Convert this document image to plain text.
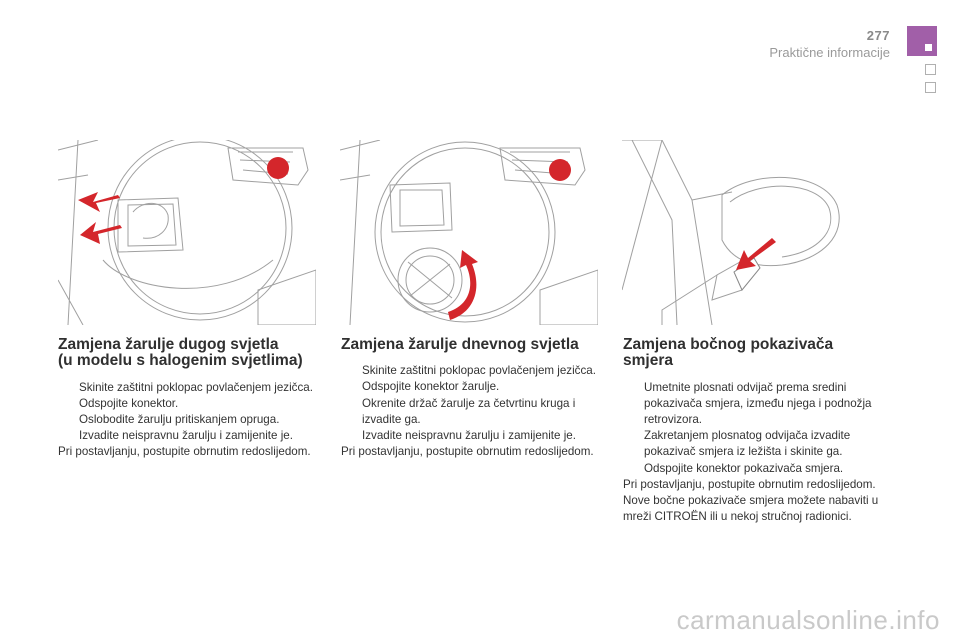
277
Praktične informacije
Zamjena žarulje dugog svjetla
(u modelu s halogenim svjetlima)
Skinite zaštitni poklopac povlačenjem jezičca.
Odspojite konektor.
Oslobodite žarulju pritiskanjem opruga.
Izvadite neispravnu žarulju i zamijenite je.

Pri postavljanju, postupite obrnutim redoslijedom.

Zamjena žarulje dnevnog svjetla
Skinite zaštitni poklopac povlačenjem jezičca.
Odspojite konektor žarulje.
Okrenite držač žarulje za četvrtinu kruga i izvadite ga.
Izvadite neispravnu žarulju i zamijenite je.

Pri postavljanju, postupite obrnutim redoslijedom.

Zamjena bočnog pokazivača
smjera
Umetnite plosnati odvijač prema sredini pokazivača smjera, između njega i podnožja retrovizora.
Zakretanjem plosnatog odvijača izvadite pokazivač smjera iz ležišta i skinite ga.
Odspojite konektor pokazivača smjera.

Pri postavljanju, postupite obrnutim redoslijedom.

Nove bočne pokazivače smjera možete nabaviti u mreži CITROËN ili u nekoj stručnoj radionici.

carmanualsonline.info
